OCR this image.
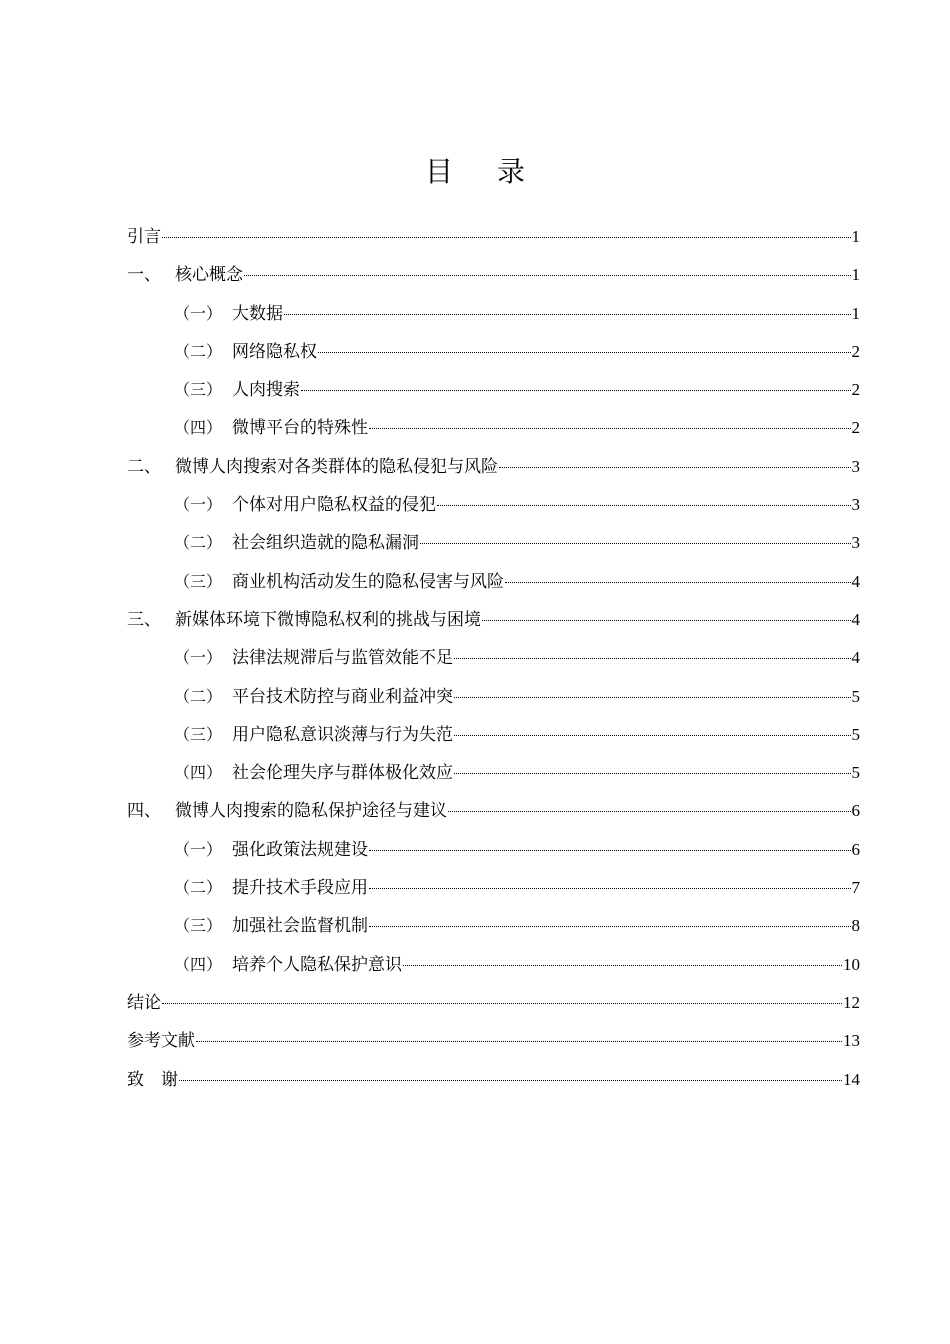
目 录
引言	1
一、 核心概念	1
（一） 大数据	1
（二） 网络隐私权	2
（三） 人肉搜索	2
（四） 微博平台的特殊性	2
二、 微博人肉搜索对各类群体的隐私侵犯与风险	3
（一） 个体对用户隐私权益的侵犯	3
（二） 社会组织造就的隐私漏洞	3
（三） 商业机构活动发生的隐私侵害与风险	4
三、 新媒体环境下微博隐私权利的挑战与困境	4
（一） 法律法规滞后与监管效能不足	4
（二） 平台技术防控与商业利益冲突	5
（三） 用户隐私意识淡薄与行为失范	5
（四） 社会伦理失序与群体极化效应	5
四、 微博人肉搜索的隐私保护途径与建议	6
（一） 强化政策法规建设	6
（二） 提升技术手段应用	7
（三） 加强社会监督机制	8
（四） 培养个人隐私保护意识	10
结论	12
参考文献	13
致　谢	14
